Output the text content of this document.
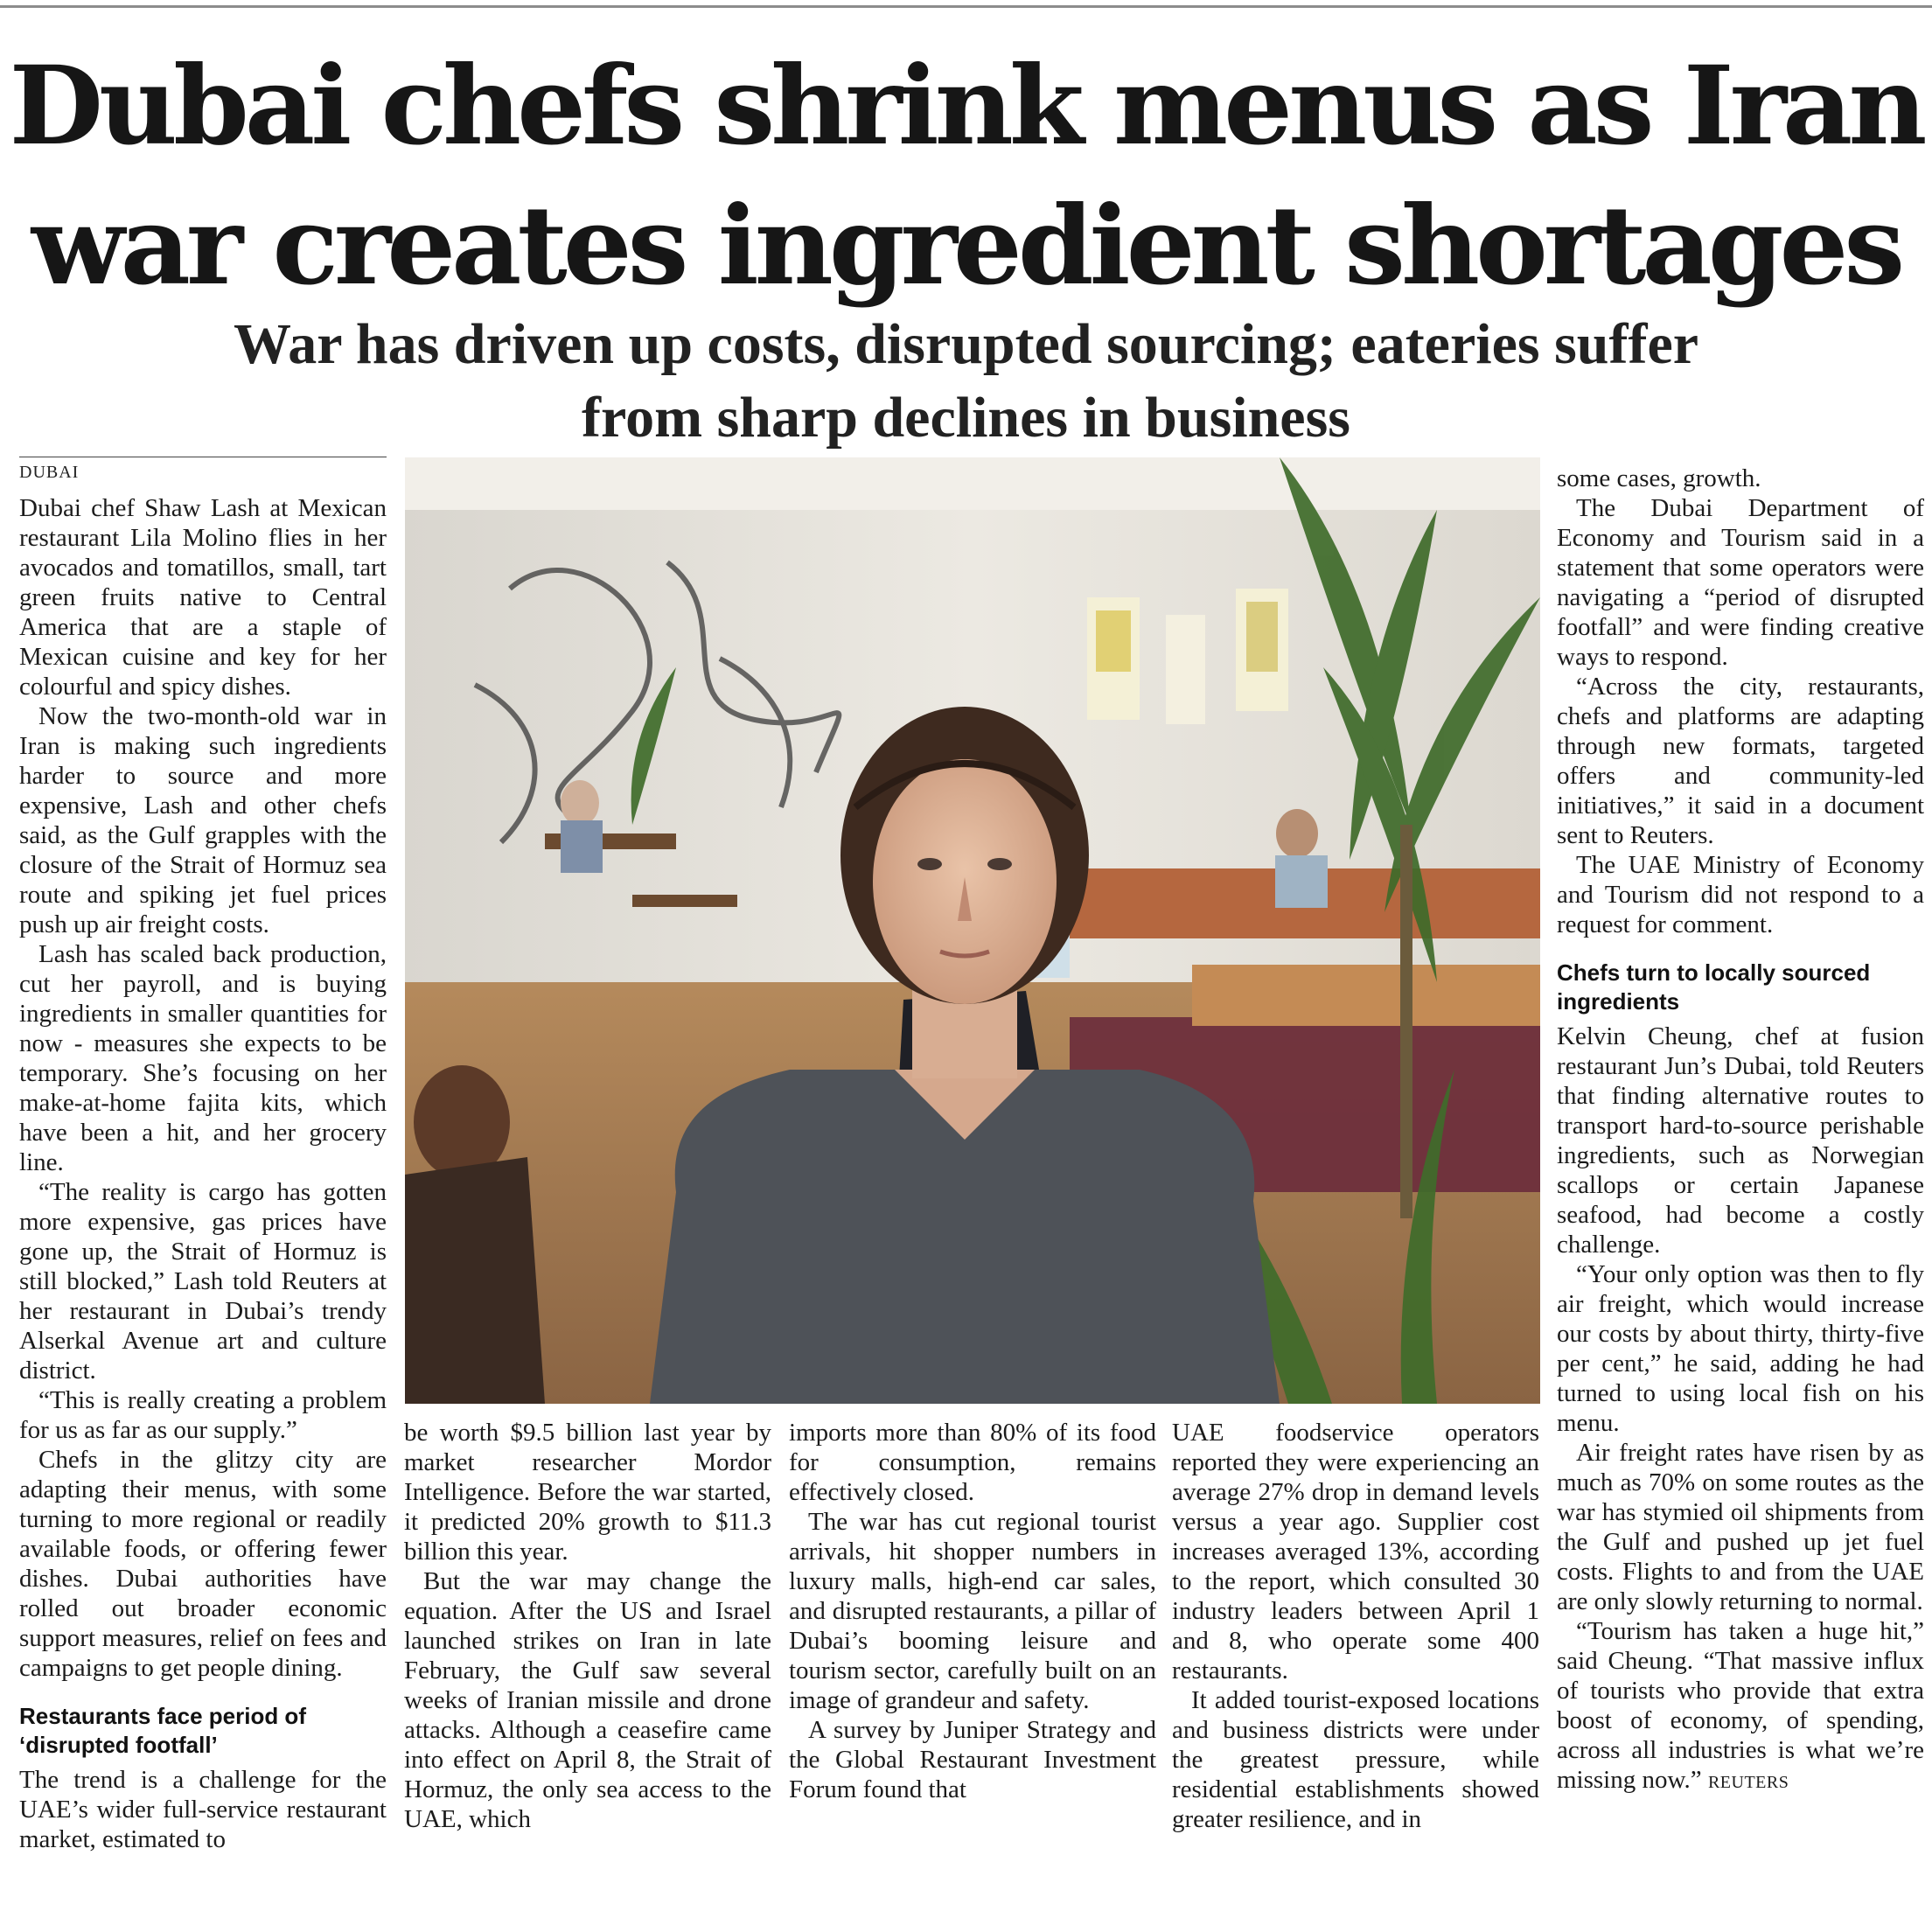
Dubai chefs shrink menus as Iran
war creates ingredient shortages
War has driven up costs, disrupted sourcing; eateries suffer
from sharp declines in business
DUBAI

Dubai chef Shaw Lash at Mexican restaurant Lila Molino flies in her avocados and tomatillos, small, tart green fruits native to Central America that are a staple of Mexican cuisine and key for her colourful and spicy dishes.

Now the two-month-old war in Iran is making such ingredients harder to source and more expensive, Lash and other chefs said, as the Gulf grapples with the closure of the Strait of Hormuz sea route and spiking jet fuel prices push up air freight costs.

Lash has scaled back production, cut her payroll, and is buying ingredients in smaller quantities for now - measures she expects to be temporary. She’s focusing on her make-at-home fajita kits, which have been a hit, and her grocery line.

“The reality is cargo has gotten more expensive, gas prices have gone up, the Strait of Hormuz is still blocked,” Lash told Reuters at her restaurant in Dubai’s trendy Alserkal Avenue art and culture district.

“This is really creating a problem for us as far as our supply.”

Chefs in the glitzy city are adapting their menus, with some turning to more regional or readily available foods, or offering fewer dishes. Dubai authorities have rolled out broader economic support measures, relief on fees and campaigns to get people dining.

Restaurants face period of ‘disrupted footfall’

The trend is a challenge for the UAE’s wider full-service restaurant market, estimated to

be worth $9.5 billion last year by market researcher Mordor Intelligence. Before the war started, it predicted 20% growth to $11.3 billion this year.

But the war may change the equation. After the US and Israel launched strikes on Iran in late February, the Gulf saw several weeks of Iranian missile and drone attacks. Although a ceasefire came into effect on April 8, the Strait of Hormuz, the only sea access to the UAE, which

imports more than 80% of its food for consumption, remains effectively closed.

The war has cut regional tourist arrivals, hit shopper numbers in luxury malls, high-end car sales, and disrupted restaurants, a pillar of Dubai’s booming leisure and tourism sector, carefully built on an image of grandeur and safety.

A survey by Juniper Strategy and the Global Restaurant Investment Forum found that

UAE foodservice operators reported they were experiencing an average 27% drop in demand levels versus a year ago. Supplier cost increases averaged 13%, according to the report, which consulted 30 industry leaders between April 1 and 8, who operate some 400 restaurants.

It added tourist-exposed locations and business districts were under the greatest pressure, while residential establishments showed greater resilience, and in

some cases, growth.

The Dubai Department of Economy and Tourism said in a statement that some operators were navigating a “period of disrupted footfall” and were finding creative ways to respond.

“Across the city, restaurants, chefs and platforms are adapting through new formats, targeted offers and community-led initiatives,” it said in a document sent to Reuters.

The UAE Ministry of Economy and Tourism did not respond to a request for comment.

Chefs turn to locally sourced ingredients

Kelvin Cheung, chef at fusion restaurant Jun’s Dubai, told Reuters that finding alternative routes to transport hard-to-source perishable ingredients, such as Norwegian scallops or certain Japanese seafood, had become a costly challenge.

“Your only option was then to fly air freight, which would increase our costs by about thirty, thirty-five per cent,” he said, adding he had turned to using local fish on his menu.

Air freight rates have risen by as much as 70% on some routes as the war has stymied oil shipments from the Gulf and pushed up jet fuel costs. Flights to and from the UAE are only slowly returning to normal.

“Tourism has taken a huge hit,” said Cheung. “That massive influx of tourists who provide that extra boost of economy, of spending, across all industries is what we’re missing now.” REUTERS
